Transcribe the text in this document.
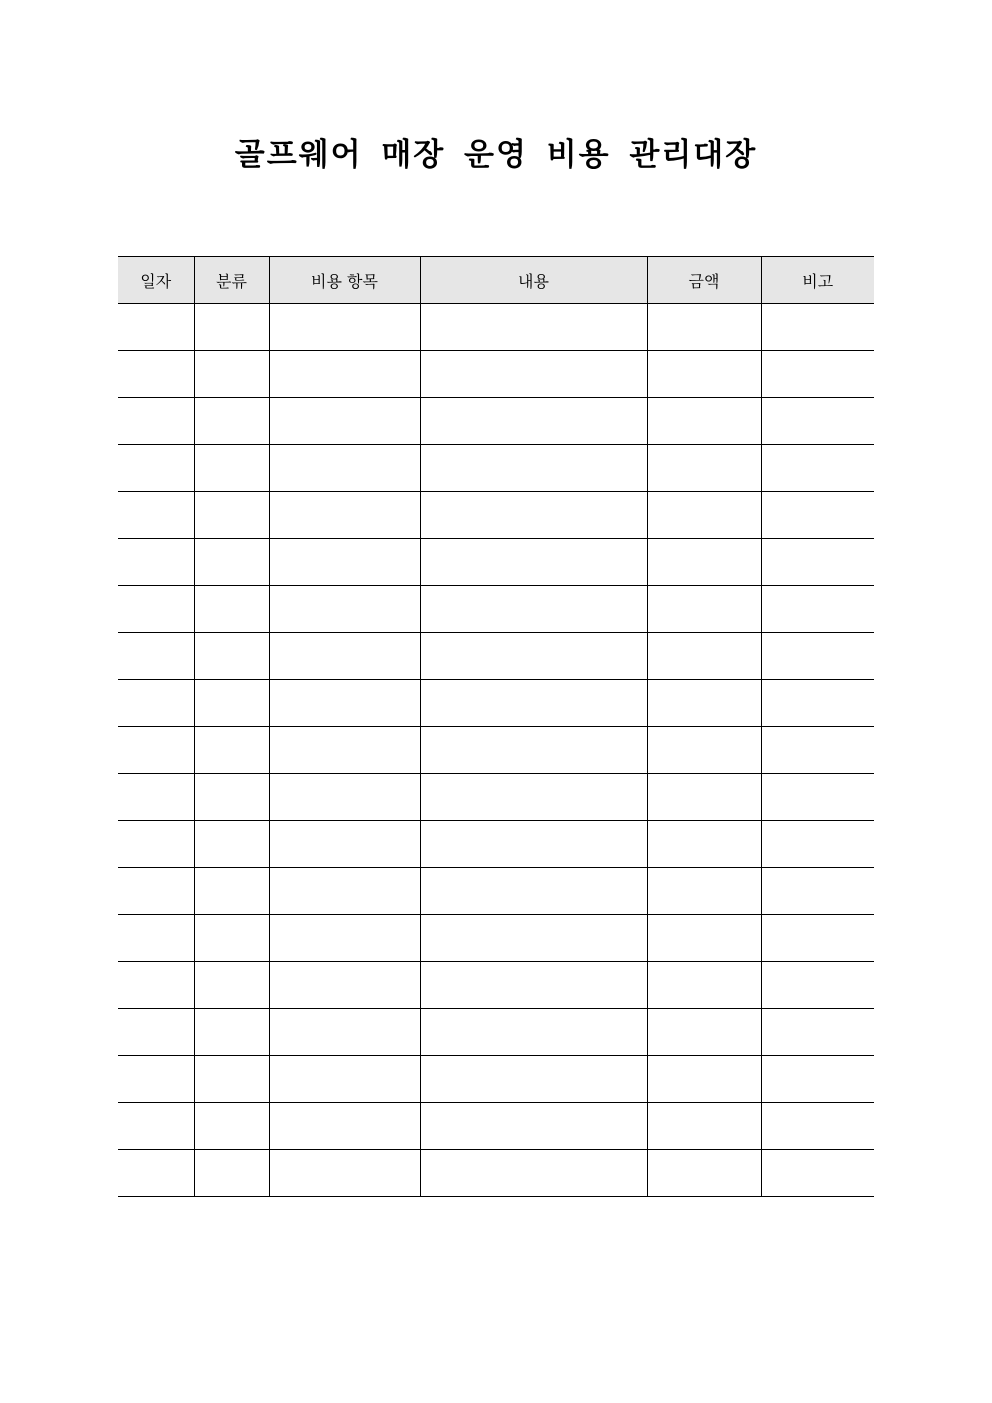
골프웨어 매장 운영 비용 관리대장
일자	분류	비용 항목	내용	금액	비고
